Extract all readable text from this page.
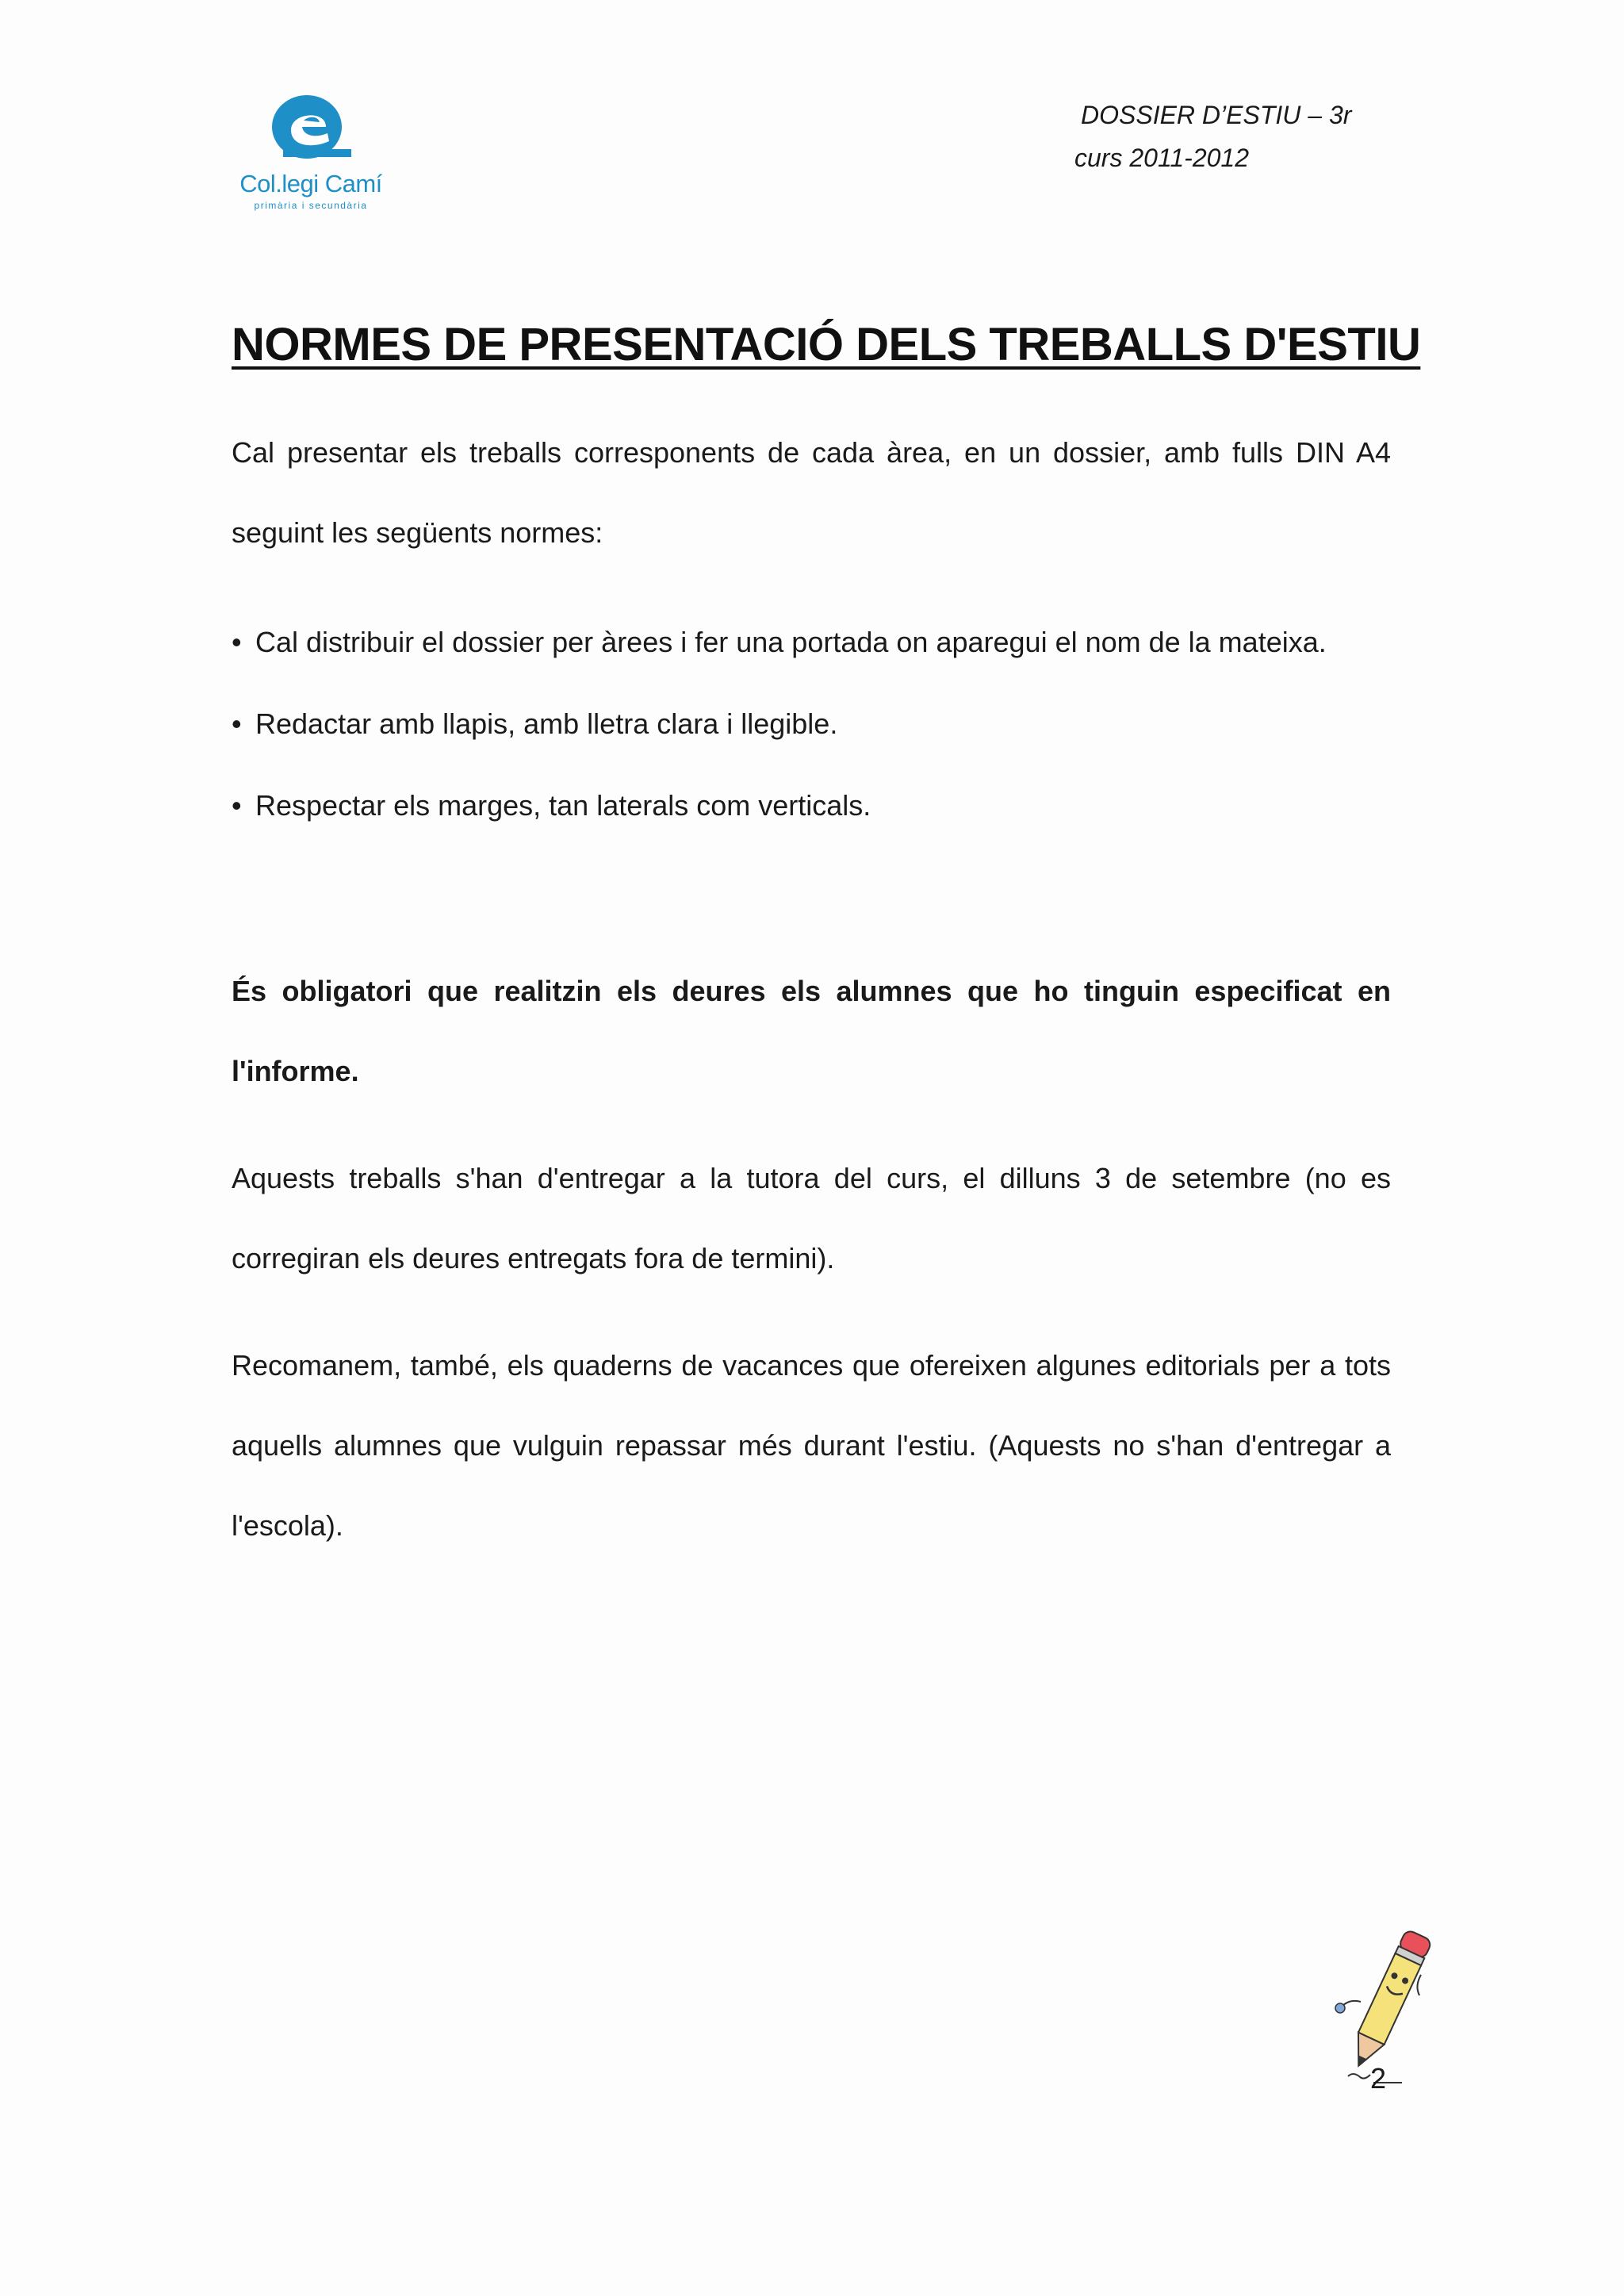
Col.legi Camí
primària i secundària
DOSSIER D’ESTIU – 3r
curs 2011-2012
NORMES DE PRESENTACIÓ DELS TREBALLS D'ESTIU

Cal presentar els treballs corresponents de cada àrea, en un dossier, amb fulls DIN A4 seguint les següents normes:

• Cal distribuir el dossier per àrees i fer una portada on aparegui el nom de la mateixa.
• Redactar amb llapis, amb lletra clara i llegible.
• Respectar els marges, tan laterals com verticals.

És obligatori que realitzin els deures els alumnes que ho tinguin especificat en l'informe.

Aquests treballs s'han d'entregar a la tutora del curs, el dilluns 3 de setembre (no es corregiran els deures entregats fora de termini).

Recomanem, també, els quaderns de vacances que ofereixen algunes editorials per a tots aquells alumnes que vulguin repassar més durant l'estiu. (Aquests no s'han d'entregar a l'escola).

2
